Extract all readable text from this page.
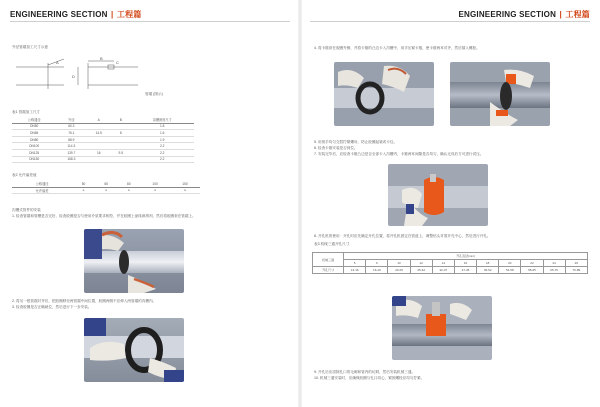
ENGINEERING SECTION | 工程篇
外径管端加工尺寸示意
A
B
D
C
管端 (图示)
表1 管端加工尺寸
公称通径	外径	A	B	沟槽深度尺寸
DN50	60.3			1.6
DN65	76.1	14.5	8	1.6
DN80	88.9			1.9
DN100	114.3			2.2
DN125	139.7	16	9.5	2.2
DN150	168.3			2.2
表2 允许偏差值
公称通径	50	65	80	100	150
允许偏差	≤	≤	≤	≤	≤
沟槽式管件的安装
1. 检查管端和管槽是否完好，检查胶圈是否与使用介质要求相符，并在胶圈上涂抹润滑剂，然后将胶圈套在管端上。
2. 将另一根管端对齐后，把胶圈移至两管端中间位置，胶圈两侧不应伸入两管端的沟槽内。
3. 检查胶圈是否正确就位，然后进行下一步安装。
ENGINEERING SECTION | 工程篇
4. 将卡箍套在胶圈外侧，并将卡箍的凸边卡入沟槽中，用手压紧卡箍，使卡箍两耳对齐，然后插入螺栓。
5. 用扳手均匀交替拧紧螺母，防止胶圈起皱或卡住。
6. 检查卡箍安装是否到位。
7. 安装完毕后，应检查卡箍凸边是否全部卡入沟槽内，卡箍两耳间隙是否均匀，确认无误后方可进行试压。
8. 开孔机的使用：开孔时应先确定开孔位置，将开孔机固定在管道上，调整钻头对准开孔中心，然后进行开孔。
表3 机械三通开孔尺寸
机械三通	开孔直径(mm)										
	5	6	10	12	14	16	18	20	22	24	26
开孔尺寸	13-16	16-19	20-25	25-32	32-37	37-45	45-52	52-58	58-65	65-76	76-89
9. 开孔后应清除孔口的毛刺和管内的切屑，然后安装机械三通。
10. 机械三通安装时，应确保胶圈与孔口同心，紧固螺栓应均匀拧紧。
